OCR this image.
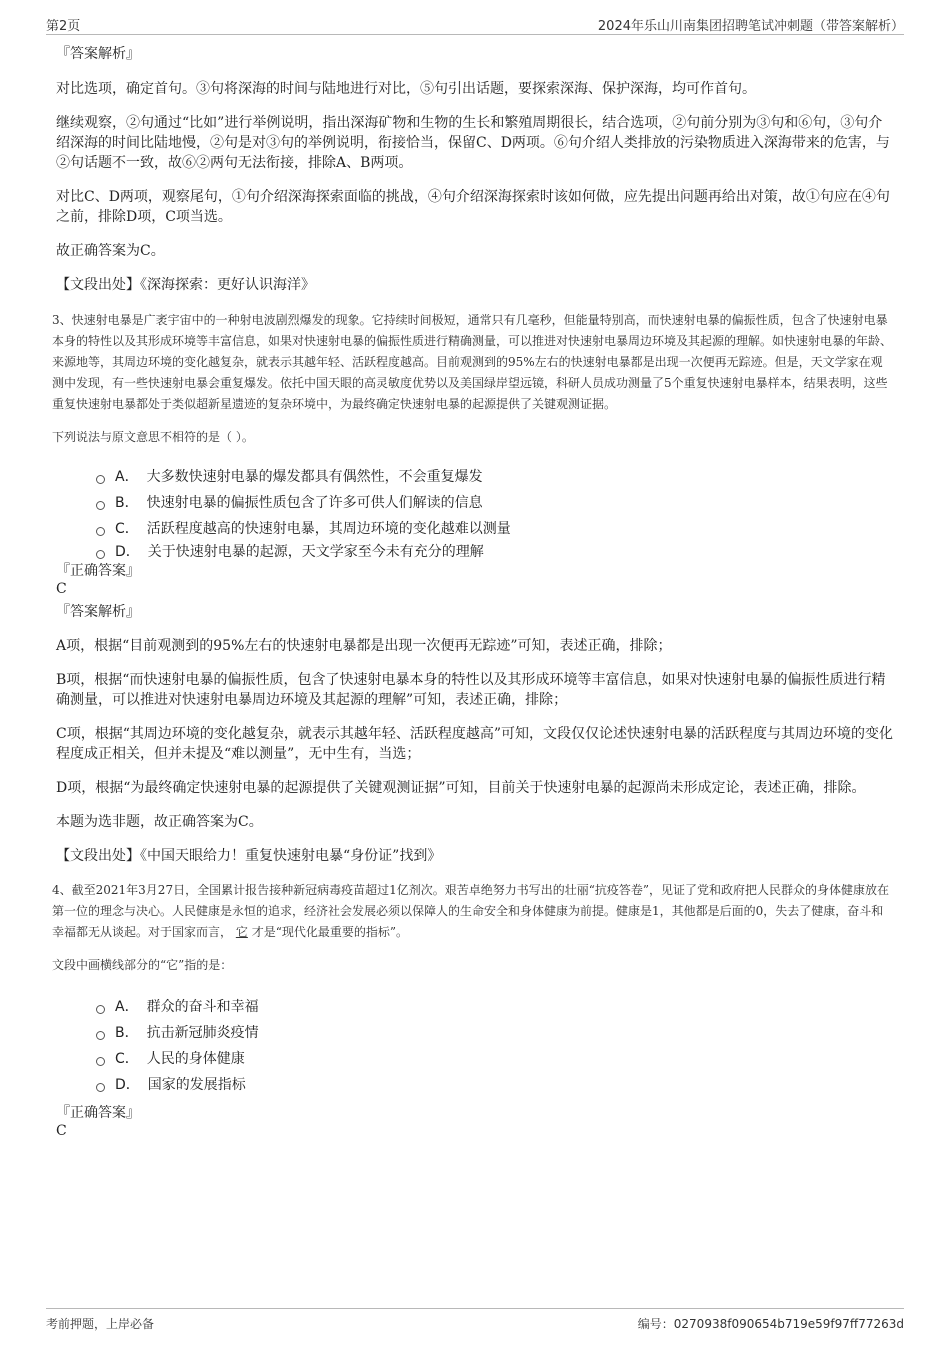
第2页	2024年乐山川南集团招聘笔试冲刺题（带答案解析）

『答案解析』

对比选项，确定首句。③句将深海的时间与陆地进行对比，⑤句引出话题，要探索深海、保护深海，均可作首句。

继续观察，②句通过“比如”进行举例说明，指出深海矿物和生物的生长和繁殖周期很长，结合选项，②句前分别为③句和⑥句，③句介绍深海的时间比陆地慢，②句是对③句的举例说明，衔接恰当，保留C、D两项。⑥句介绍人类排放的污染物质进入深海带来的危害，与②句话题不一致，故⑥②两句无法衔接，排除A、B两项。

对比C、D两项，观察尾句，①句介绍深海探索面临的挑战，④句介绍深海探索时该如何做，应先提出问题再给出对策，故①句应在④句之前，排除D项，C项当选。

故正确答案为C。

【文段出处】《深海探索：更好认识海洋》

3、快速射电暴是广袤宇宙中的一种射电波剧烈爆发的现象。它持续时间极短，通常只有几毫秒，但能量特别高，而快速射电暴的偏振性质，包含了快速射电暴本身的特性以及其形成环境等丰富信息，如果对快速射电暴的偏振性质进行精确测量，可以推进对快速射电暴周边环境及其起源的理解。如快速射电暴的年龄、来源地等，其周边环境的变化越复杂，就表示其越年轻、活跃程度越高。目前观测到的95%左右的快速射电暴都是出现一次便再无踪迹。但是，天文学家在观测中发现，有一些快速射电暴会重复爆发。依托中国天眼的高灵敏度优势以及美国绿岸望远镜，科研人员成功测量了5个重复快速射电暴样本，结果表明，这些重复快速射电暴都处于类似超新星遗迹的复杂环境中，为最终确定快速射电暴的起源提供了关键观测证据。

下列说法与原文意思不相符的是（ ）。

A． 大多数快速射电暴的爆发都具有偶然性，不会重复爆发
B． 快速射电暴的偏振性质包含了许多可供人们解读的信息
C． 活跃程度越高的快速射电暴，其周边环境的变化越难以测量
D． 关于快速射电暴的起源，天文学家至今未有充分的理解

『正确答案』

C

『答案解析』

A项，根据“目前观测到的95%左右的快速射电暴都是出现一次便再无踪迹”可知，表述正确，排除；

B项，根据“而快速射电暴的偏振性质，包含了快速射电暴本身的特性以及其形成环境等丰富信息，如果对快速射电暴的偏振性质进行精确测量，可以推进对快速射电暴周边环境及其起源的理解”可知，表述正确，排除；

C项，根据“其周边环境的变化越复杂，就表示其越年轻、活跃程度越高”可知，文段仅仅论述快速射电暴的活跃程度与其周边环境的变化程度成正相关，但并未提及“难以测量”，无中生有，当选；

D项，根据“为最终确定快速射电暴的起源提供了关键观测证据”可知，目前关于快速射电暴的起源尚未形成定论，表述正确，排除。

本题为选非题，故正确答案为C。

【文段出处】《中国天眼给力！重复快速射电暴“身份证”找到》

4、截至2021年3月27日，全国累计报告接种新冠病毒疫苗超过1亿剂次。艰苦卓绝努力书写出的壮丽“抗疫答卷”，见证了党和政府把人民群众的身体健康放在第一位的理念与决心。人民健康是永恒的追求，经济社会发展必须以保障人的生命安全和身体健康为前提。健康是1，其他都是后面的0，失去了健康，奋斗和幸福都无从谈起。对于国家而言， 它 才是“现代化最重要的指标”。

文段中画横线部分的“它”指的是：

A． 群众的奋斗和幸福
B． 抗击新冠肺炎疫情
C． 人民的身体健康
D． 国家的发展指标

『正确答案』

C

考前押题，上岸必备	编号：0270938f090654b719e59f97ff77263d
